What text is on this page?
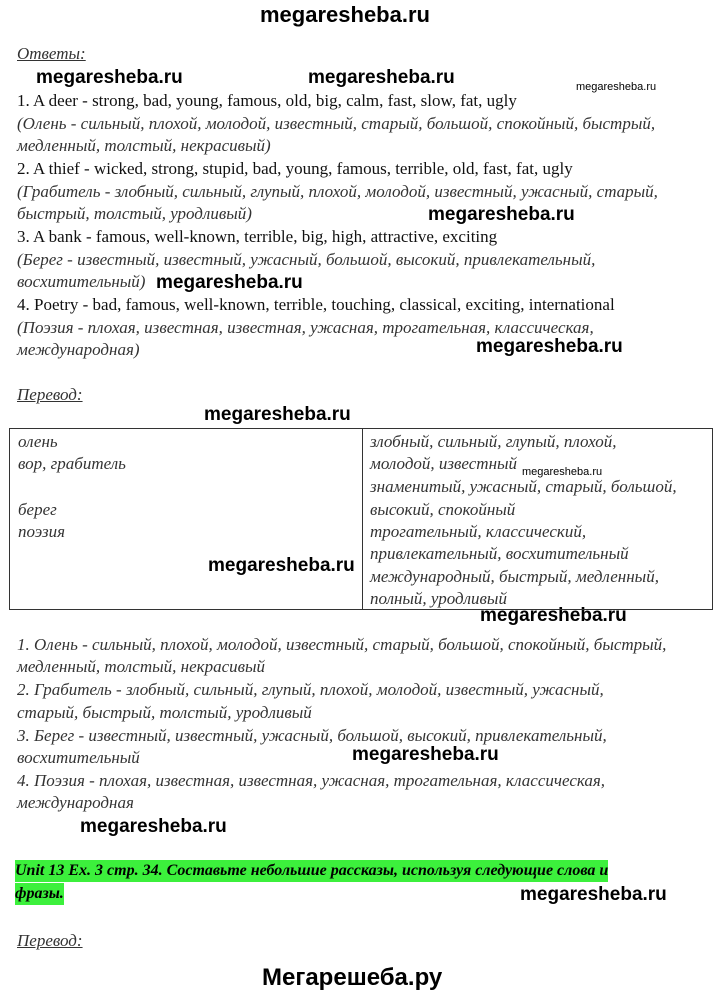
megaresheba.ru
megaresheba.ru	megaresheba.ru	megaresheba.ru
megaresheba.ru
megaresheba.ru
megaresheba.ru
megaresheba.ru
megaresheba.ru
megaresheba.ru
megaresheba.ru
megaresheba.ru
megaresheba.ru
megaresheba.ru
Мегарешеба.ру
Ответы:
1. A deer - strong, bad, young, famous, old, big, calm, fast, slow, fat, ugly
(Олень - сильный, плохой, молодой, известный, старый, большой, спокойный, быстрый,
медленный, толстый, некрасивый)
2. A thief - wicked, strong, stupid, bad, young, famous, terrible, old, fast, fat, ugly
(Грабитель - злобный, сильный, глупый, плохой, молодой, известный, ужасный, старый,
быстрый, толстый, уродливый)
3. A bank - famous, well-known, terrible, big, high, attractive, exciting
(Берег - известный, известный, ужасный, большой, высокий, привлекательный,
восхитительный)
4. Poetry - bad, famous, well-known, terrible, touching, classical, exciting, international
(Поэзия - плохая, известная, известная, ужасная, трогательная, классическая,
международная)
Перевод:
олень
вор, грабитель
берег
поэзия
злобный, сильный, глупый, плохой,
молодой, известный
знаменитый, ужасный, старый, большой,
высокий, спокойный
трогательный, классический,
привлекательный, восхитительный
международный, быстрый, медленный,
полный, уродливый
1. Олень - сильный, плохой, молодой, известный, старый, большой, спокойный, быстрый,
медленный, толстый, некрасивый
2. Грабитель - злобный, сильный, глупый, плохой, молодой, известный, ужасный,
старый, быстрый, толстый, уродливый
3. Берег - известный, известный, ужасный, большой, высокий, привлекательный,
восхитительный
4. Поэзия - плохая, известная, известная, ужасная, трогательная, классическая,
международная
Unit 13 Ex. 3 стр. 34. Составьте небольшие рассказы, используя следующие слова и
фразы.
Перевод:
